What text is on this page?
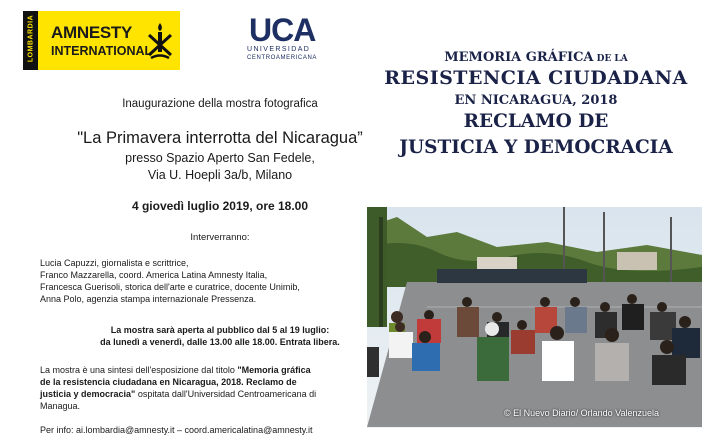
LOMBARDIA AMNESTY
INTERNATIONAL
UCA
UNIVERSIDAD
CENTROAMERICANA
Inaugurazione della mostra fotografica
"La Primavera interrotta del Nicaragua”
presso Spazio Aperto San Fedele,
Via U. Hoepli 3a/b, Milano
4 giovedì luglio 2019, ore 18.00
Interverranno:
Lucia Capuzzi, giornalista e scrittrice,
Franco Mazzarella, coord. America Latina Amnesty Italia,
Francesca Guerisoli, storica dell'arte e curatrice, docente Unimib,
Anna Polo, agenzia stampa internazionale Pressenza.
La mostra sarà aperta al pubblico dal 5 al 19 luglio:
da lunedì a venerdì, dalle 13.00 alle 18.00. Entrata libera.
La mostra è una sintesi dell'esposizione dal titolo "Memoria gráfica
de la resistencia ciudadana en Nicaragua, 2018. Reclamo de
justicia y democracia" ospitata dall'Universidad Centroamericana di
Managua.
Per info: ai.lombardia@amnesty.it – coord.americalatina@amnesty.it
MEMORIA GRÁFICA DE LA
RESISTENCIA CIUDADANA
EN NICARAGUA, 2018
RECLAMO DE
JUSTICIA Y DEMOCRACIA
© El Nuevo Diario/ Orlando Valenzuela
